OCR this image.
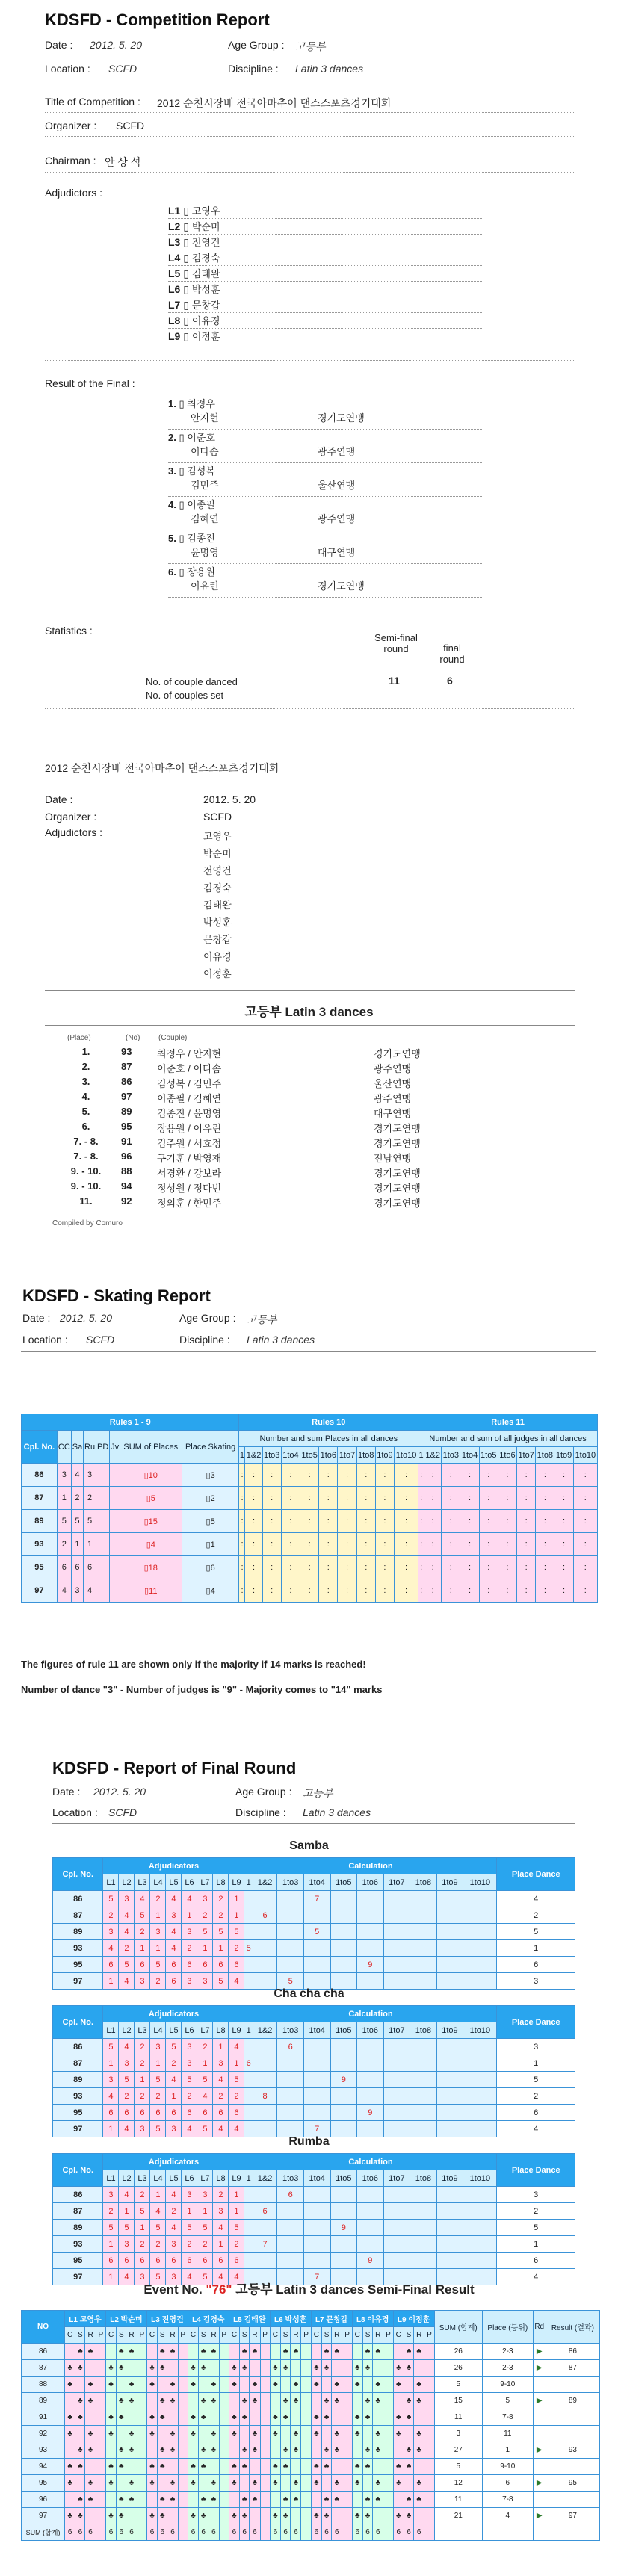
KDSFD - Competition Report
Date : 2012. 5. 20	Age Group : 고등부
Location : SCFD	Discipline : Latin 3 dances
Title of Competition : 2012 순천시장배 전국아마추어 댄스스포츠경기대회
Organizer : SCFD
Chairman : 안 상 석
Adjudictors :
L1 ▯ 고영우
L2 ▯ 박순미
L3 ▯ 전영건
L4 ▯ 김경숙
L5 ▯ 김태완
L6 ▯ 박성훈
L7 ▯ 문창갑
L8 ▯ 이유경
L9 ▯ 이정훈
Result of the Final :
1. ▯ 최정우
안지현	경기도연맹
2. ▯ 이준호
이다솜	광주연맹
3. ▯ 김성복
김민주	울산연맹
4. ▯ 이종필
김혜연	광주연맹
5. ▯ 김종진
윤명영	대구연맹
6. ▯ 장용원
이유린	경기도연맹
Statistics :
Semi-final round	final round
No. of couple danced	11	6
No. of couples set
2012 순천시장배 전국아마추어 댄스스포츠경기대회
Date :	2012. 5. 20
Organizer :	SCFD
Adjudictors :	고영우
박순미
전영건
김경숙
김태완
박성훈
문창갑
이유경
이정훈
고등부 Latin 3 dances
(Place)	(No) (Couple)
1.	93	최정우 / 안지현	경기도연맹
2.	87	이준호 / 이다솜	광주연맹
3.	86	김성복 / 김민주	울산연맹
4.	97	이종필 / 김혜연	광주연맹
5.	89	김종진 / 윤명영	대구연맹
6.	95	장용원 / 이유린	경기도연맹
7. - 8.	91	김주원 / 서효정	경기도연맹
7. - 8.	96	구기훈 / 박영재	전남연맹
9. - 10.	88	서경환 / 강보라	경기도연맹
9. - 10.	94	정성원 / 정다빈	경기도연맹
11.	92	정의훈 / 한민주	경기도연맹
Compiled by Comuro
KDSFD - Skating Report
Date : 2012. 5. 20	Age Group : 고등부
Location : SCFD	Discipline : Latin 3 dances
Rules 1 - 9								Rules 10										Rules 11									
Cpl. No.	CC	Sa	Ru	PD	Jv	SUM of Places	Place Skating	Number and sum Places in all dances										Number and sum of all judges in all dances									
								1	1&2	1to3	1to4	1to5	1to6	1to7	1to8	1to9	1to10	1	1&2	1to3	1to4	1to5	1to6	1to7	1to8	1to9	1to10
86	3	4	3			▯10	▯3	:	:	:	:	:	:	:	:	:	:	:	:	:	:	:	:	:	:	:	:
87	1	2	2			▯5	▯2	:	:	:	:	:	:	:	:	:	:	:	:	:	:	:	:	:	:	:	:
89	5	5	5			▯15	▯5	:	:	:	:	:	:	:	:	:	:	:	:	:	:	:	:	:	:	:	:
93	2	1	1			▯4	▯1	:	:	:	:	:	:	:	:	:	:	:	:	:	:	:	:	:	:	:	:
95	6	6	6			▯18	▯6	:	:	:	:	:	:	:	:	:	:	:	:	:	:	:	:	:	:	:	:
97	4	3	4			▯11	▯4	:	:	:	:	:	:	:	:	:	:	:	:	:	:	:	:	:	:	:	:
The figures of rule 11 are shown only if the majority if 14 marks is reached!
Number of dance "3" - Number of judges is "9" - Majority comes to "14" marks
KDSFD - Report of Final Round
Date : 2012. 5. 20	Age Group : 고등부
Location : SCFD	Discipline : Latin 3 dances
Samba
Cpl. No.	Adjudicators									Calculation										Place Dance
	L1	L2	L3	L4	L5	L6	L7	L8	L9	1	1&2	1to3	1to4	1to5	1to6	1to7	1to8	1to9	1to10	
86	5	3	4	2	4	4	3	2	1				7							4
87	2	4	5	1	3	1	2	2	1		6									2
89	3	4	2	3	4	3	5	5	5				5							5
93	4	2	1	1	4	2	1	1	2	5										1
95	6	5	6	5	6	6	6	6	6						9					6
97	1	4	3	2	6	3	3	5	4			5								3
Cha cha cha
Cpl. No.	Adjudicators									Calculation										Place Dance
	L1	L2	L3	L4	L5	L6	L7	L8	L9	1	1&2	1to3	1to4	1to5	1to6	1to7	1to8	1to9	1to10	
86	5	4	2	3	5	3	2	1	4			6								3
87	1	3	2	1	2	3	1	3	1	6										1
89	3	5	1	5	4	5	5	4	5					9						5
93	4	2	2	2	1	2	4	2	2		8									2
95	6	6	6	6	6	6	6	6	6						9					6
97	1	4	3	5	3	4	5	4	4				7							4
Rumba
Cpl. No.	Adjudicators									Calculation										Place Dance
	L1	L2	L3	L4	L5	L6	L7	L8	L9	1	1&2	1to3	1to4	1to5	1to6	1to7	1to8	1to9	1to10	
86	3	4	2	1	4	3	3	2	1			6								3
87	2	1	5	4	2	1	1	3	1		6									2
89	5	5	1	5	4	5	5	4	5					9						5
93	1	3	2	2	3	2	2	1	2		7									1
95	6	6	6	6	6	6	6	6	6						9					6
97	1	4	3	5	3	4	5	4	4				7							4
Event No. "76" 고등부 Latin 3 dances Semi-Final Result
NO	L1 고영우				L2 박순미				L3 전영건				L4 김경숙				L5 김태완				L6 박성훈				L7 문창갑				L8 이유경				L9 이정훈				SUM (합계)	Place (등위)	Rd	Result (결과)
	C	S	R	P	C	S	R	P	C	S	R	P	C	S	R	P	C	S	R	P	C	S	R	P	C	S	R	P	C	S	R	P	C	S	R	P				
86		♣	♣			♣	♣			♣	♣			♣	♣			♣	♣			♣	♣			♣	♣			♣	♣			♣	♣		26	2-3	▶	86
87	♣	♣			♣	♣			♣	♣			♣	♣			♣	♣			♣	♣			♣	♣			♣	♣			♣	♣			26	2-3	▶	87
88	♣		♣		♣		♣		♣		♣		♣		♣		♣		♣		♣		♣		♣		♣		♣		♣		♣		♣		5	9-10		
89		♣	♣			♣	♣			♣	♣			♣	♣			♣	♣			♣	♣			♣	♣			♣	♣			♣	♣		15	5	▶	89
91	♣	♣			♣	♣			♣	♣			♣	♣			♣	♣			♣	♣			♣	♣			♣	♣			♣	♣			11	7-8		
92	♣		♣		♣		♣		♣		♣		♣		♣		♣		♣		♣		♣		♣		♣		♣		♣		♣		♣		3	11		
93		♣	♣			♣	♣			♣	♣			♣	♣			♣	♣			♣	♣			♣	♣			♣	♣			♣	♣		27	1	▶	93
94	♣	♣			♣	♣			♣	♣			♣	♣			♣	♣			♣	♣			♣	♣			♣	♣			♣	♣			5	9-10		
95	♣		♣		♣		♣		♣		♣		♣		♣		♣		♣		♣		♣		♣		♣		♣		♣		♣		♣		12	6	▶	95
96		♣	♣			♣	♣			♣	♣			♣	♣			♣	♣			♣	♣			♣	♣			♣	♣			♣	♣		11	7-8		
97	♣	♣			♣	♣			♣	♣			♣	♣			♣	♣			♣	♣			♣	♣			♣	♣			♣	♣			21	4	▶	97
SUM (합계)	6	6	6		6	6	6		6	6	6		6	6	6		6	6	6		6	6	6		6	6	6		6	6	6		6	6	6					
